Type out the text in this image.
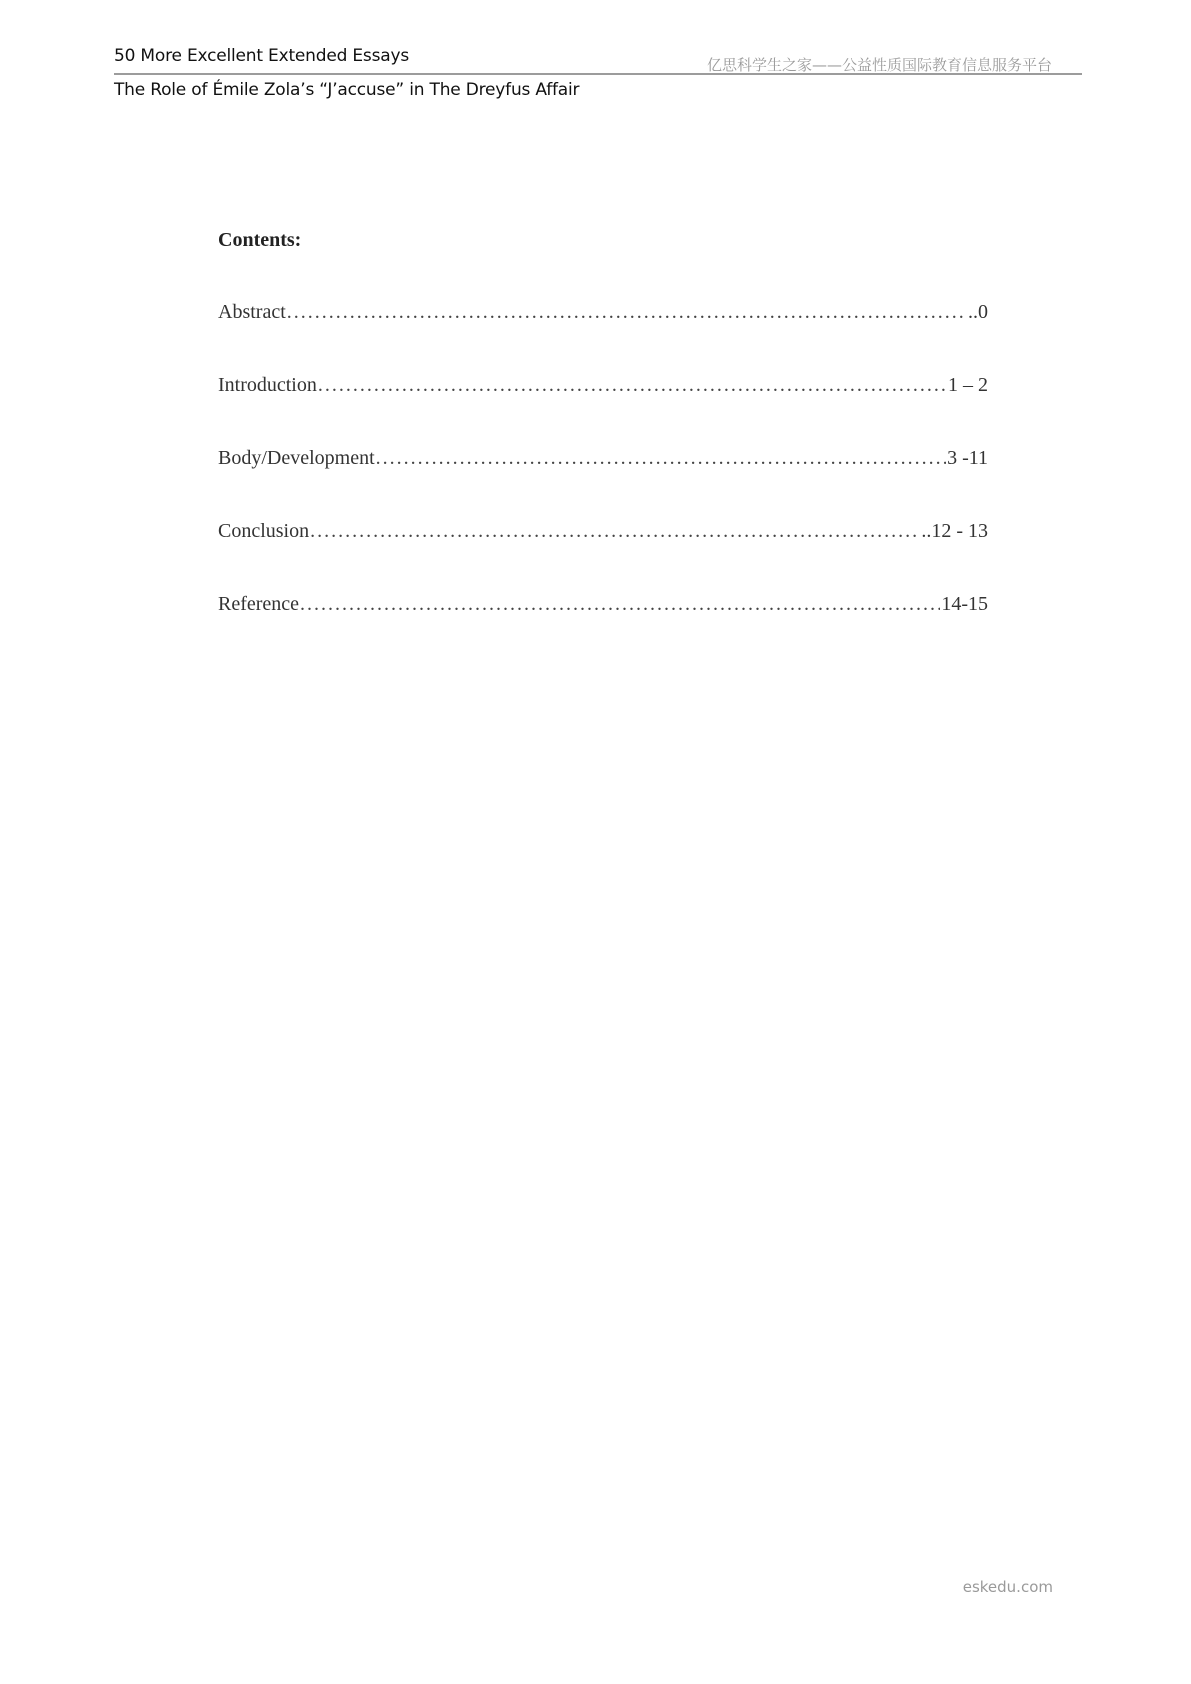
50 More Excellent Extended Essays	亿思科学生之家——公益性质国际教育信息服务平台
The Role of Émile Zola’s “J’accuse” in The Dreyfus Affair
Contents:
Abstract .....	..0
Introduction .....	1 – 2
Body/Development .....	3 -11
Conclusion .....	..12 - 13
Reference .....	14-15
eskedu.com
